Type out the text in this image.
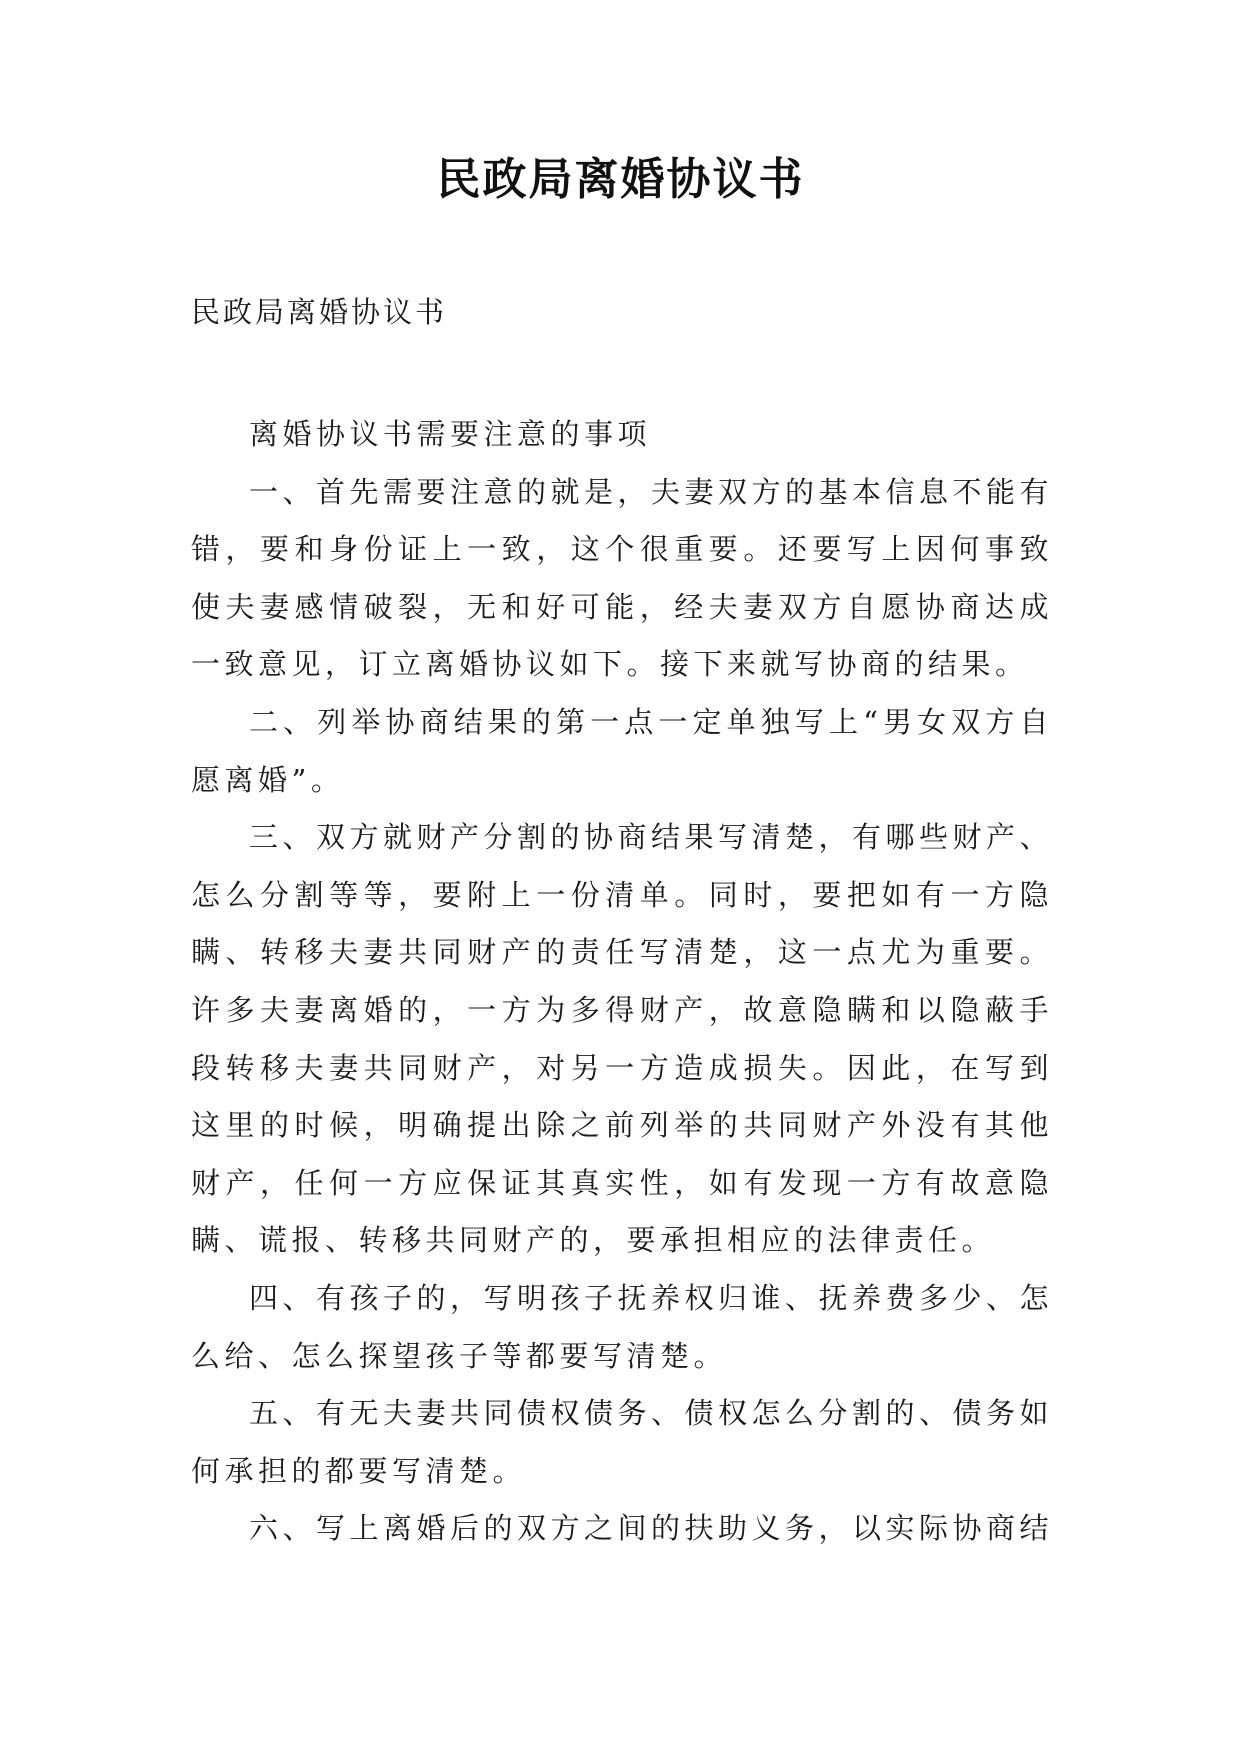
民政局离婚协议书
民政局离婚协议书

离婚协议书需要注意的事项

一、首先需要注意的就是，夫妻双方的基本信息不能有错，要和身份证上一致，这个很重要。还要写上因何事致使夫妻感情破裂，无和好可能，经夫妻双方自愿协商达成一致意见，订立离婚协议如下。接下来就写协商的结果。

二、列举协商结果的第一点一定单独写上“男女双方自愿离婚”。

三、双方就财产分割的协商结果写清楚，有哪些财产、怎么分割等等，要附上一份清单。同时，要把如有一方隐瞒、转移夫妻共同财产的责任写清楚，这一点尤为重要。许多夫妻离婚的，一方为多得财产，故意隐瞒和以隐蔽手段转移夫妻共同财产，对另一方造成损失。因此，在写到这里的时候，明确提出除之前列举的共同财产外没有其他财产，任何一方应保证其真实性，如有发现一方有故意隐瞒、谎报、转移共同财产的，要承担相应的法律责任。

四、有孩子的，写明孩子抚养权归谁、抚养费多少、怎么给、怎么探望孩子等都要写清楚。

五、有无夫妻共同债权债务、债权怎么分割的、债务如何承担的都要写清楚。

六、写上离婚后的双方之间的扶助义务，以实际协商结
